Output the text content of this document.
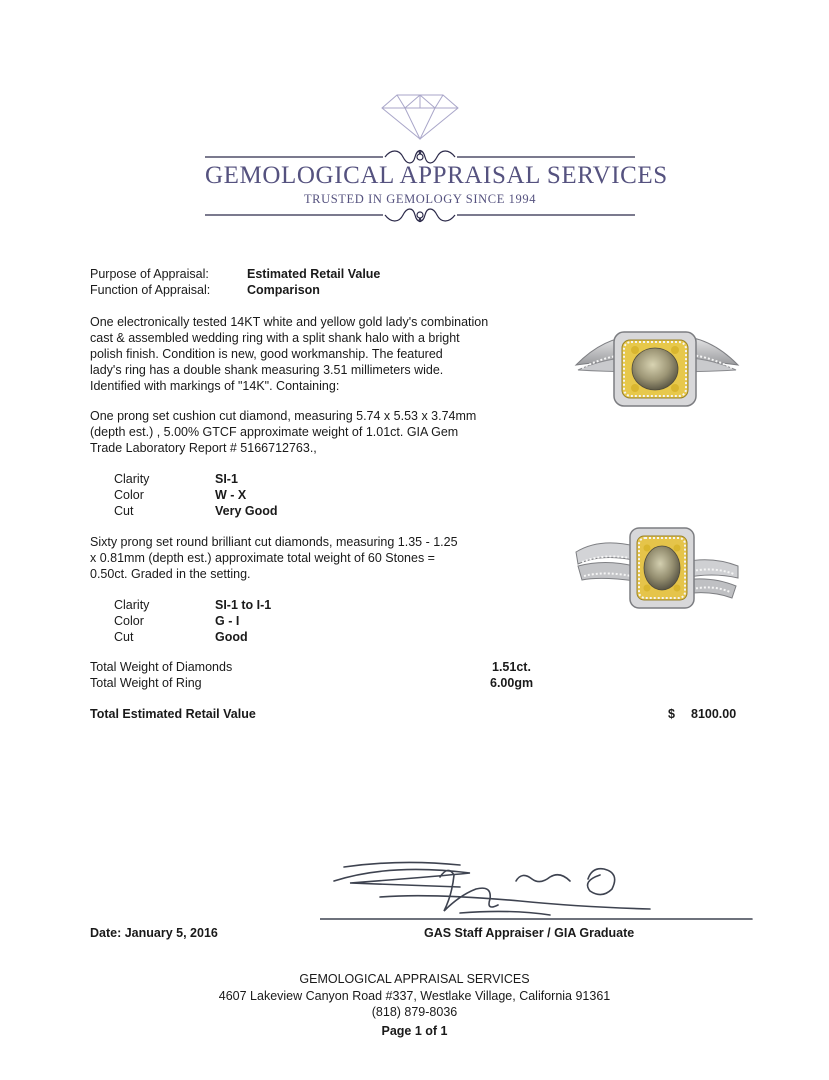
GEMOLOGICAL APPRAISAL SERVICES
TRUSTED IN GEMOLOGY SINCE 1994
Purpose of Appraisal:	Estimated Retail Value
Function of Appraisal:	Comparison
One electronically tested 14KT white and yellow gold lady's combination
cast & assembled wedding ring with a split shank halo with a bright
polish finish. Condition is new, good workmanship. The featured
lady's ring has a double shank measuring 3.51 millimeters wide.
Identified with markings of "14K". Containing:
One prong set cushion cut diamond, measuring 5.74 x 5.53 x 3.74mm
(depth est.) , 5.00% GTCF approximate weight of 1.01ct. GIA Gem
Trade Laboratory Report # 5166712763.,
Clarity	SI-1
Color	W - X
Cut	Very Good
Sixty prong set round brilliant cut diamonds, measuring 1.35 - 1.25
x 0.81mm (depth est.) approximate total weight of 60 Stones =
0.50ct. Graded in the setting.
Clarity	SI-1 to I-1
Color	G - I
Cut	Good
Total Weight of Diamonds	1.51ct.
Total Weight of Ring	6.00gm
Total Estimated Retail Value	$ 8100.00
Date: January 5, 2016	GAS Staff Appraiser / GIA Graduate
GEMOLOGICAL APPRAISAL SERVICES
4607 Lakeview Canyon Road #337, Westlake Village, California 91361
(818) 879-8036
Page 1 of 1
